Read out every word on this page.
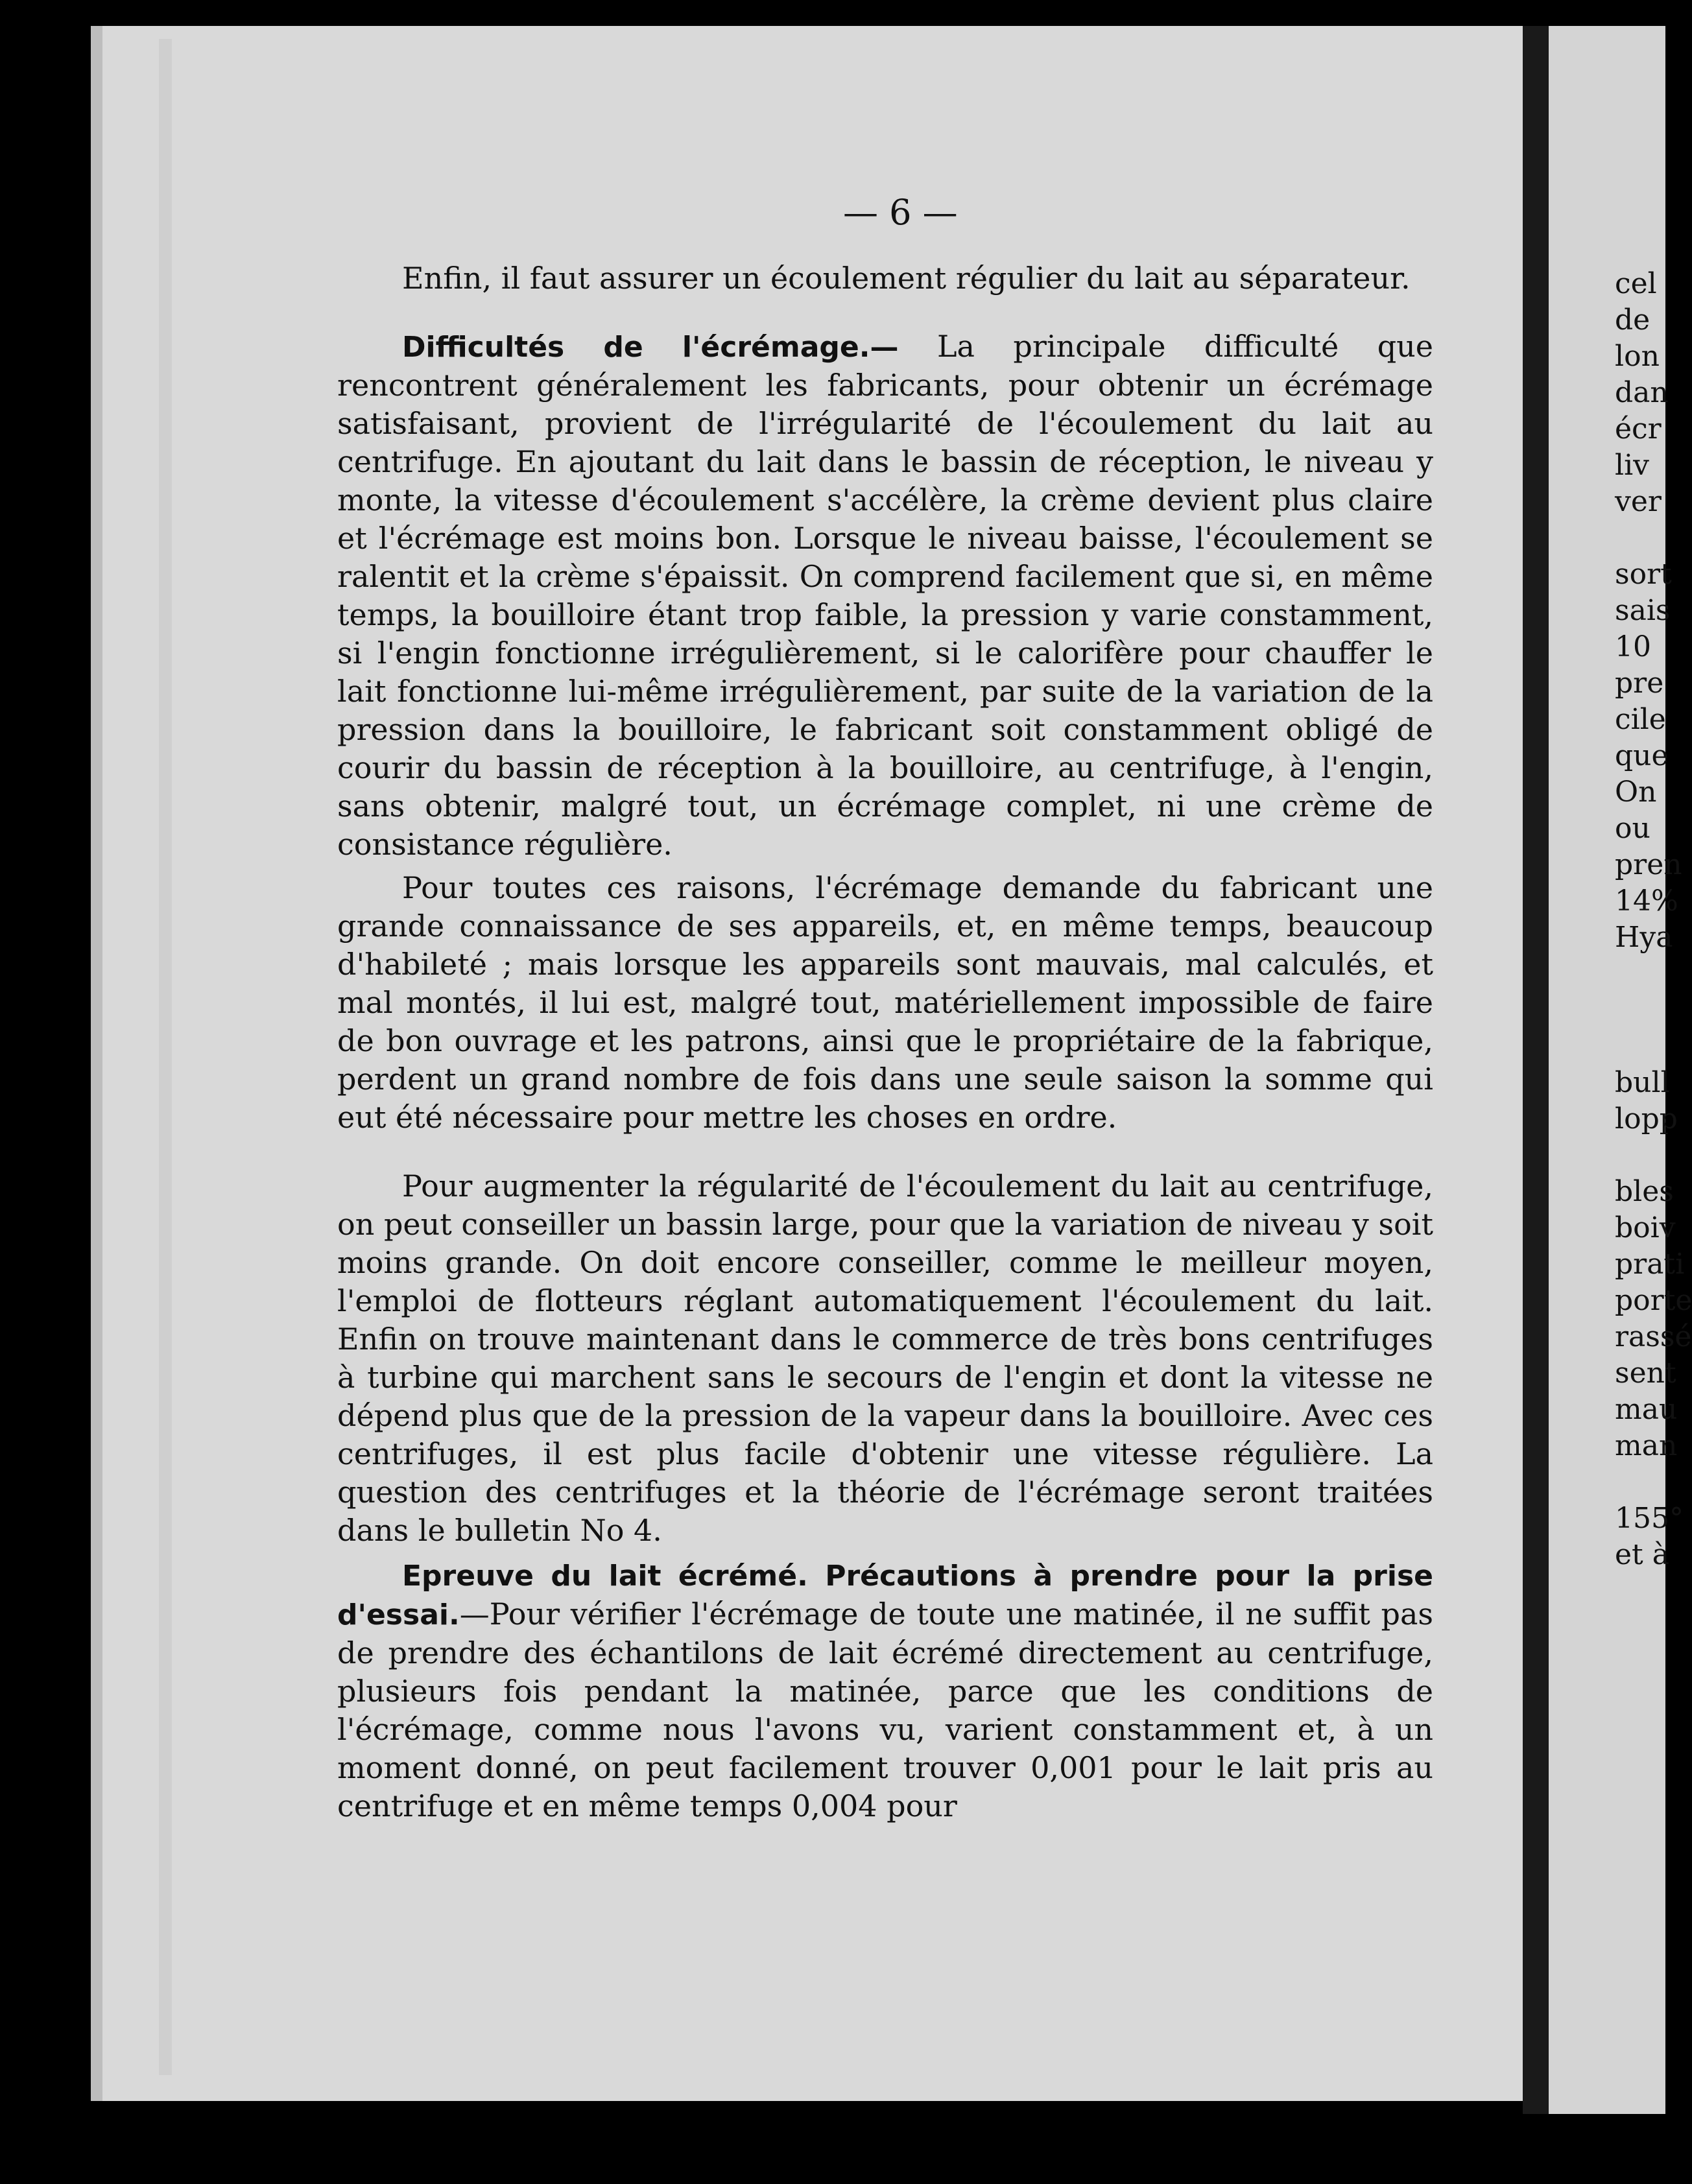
— 6 —

Enfin, il faut assurer un écoulement régulier du lait au séparateur.

Difficultés de l'écrémage.— La principale difficulté que rencontrent généralement les fabricants, pour obtenir un écrémage satisfaisant, provient de l'irrégularité de l'écoulement du lait au centrifuge. En ajoutant du lait dans le bassin de réception, le niveau y monte, la vitesse d'écoulement s'accélère, la crème devient plus claire et l'écrémage est moins bon. Lorsque le niveau baisse, l'écoulement se ralentit et la crème s'épaissit. On comprend facilement que si, en même temps, la bouilloire étant trop faible, la pression y varie constamment, si l'engin fonctionne irrégulièrement, si le calorifère pour chauffer le lait fonctionne lui-même irrégulièrement, par suite de la variation de la pression dans la bouilloire, le fabricant soit constamment obligé de courir du bassin de réception à la bouilloire, au centrifuge, à l'engin, sans obtenir, malgré tout, un écrémage complet, ni une crème de consistance régulière.

Pour toutes ces raisons, l'écrémage demande du fabricant une grande connaissance de ses appareils, et, en même temps, beaucoup d'habileté ; mais lorsque les appareils sont mauvais, mal calculés, et mal montés, il lui est, malgré tout, matériellement impossible de faire de bon ouvrage et les patrons, ainsi que le propriétaire de la fabrique, perdent un grand nombre de fois dans une seule saison la somme qui eut été nécessaire pour mettre les choses en ordre.

Pour augmenter la régularité de l'écoulement du lait au centrifuge, on peut conseiller un bassin large, pour que la variation de niveau y soit moins grande. On doit encore conseiller, comme le meilleur moyen, l'emploi de flotteurs réglant automatiquement l'écoulement du lait. Enfin on trouve maintenant dans le commerce de très bons centrifuges à turbine qui marchent sans le secours de l'engin et dont la vitesse ne dépend plus que de la pression de la vapeur dans la bouilloire. Avec ces centrifuges, il est plus facile d'obtenir une vitesse régulière. La question des centrifuges et la théorie de l'écrémage seront traitées dans le bulletin No 4.

Epreuve du lait écrémé. Précautions à prendre pour la prise d'essai.—Pour vérifier l'écrémage de toute une matinée, il ne suffit pas de prendre des échantilons de lait écrémé directement au centrifuge, plusieurs fois pendant la matinée, parce que les conditions de l'écrémage, comme nous l'avons vu, varient constamment et, à un moment donné, on peut facilement trouver 0,001 pour le lait pris au centrifuge et en même temps 0,004 pour

cel
de
lon
dan
écr
liv
ver
sort
sais
10
pre
cile
que
On
ou
pren
14%
Hya
bull
lopp
bles
boiv
prati
porte
rassé
sent
mau
man
155°
et à
